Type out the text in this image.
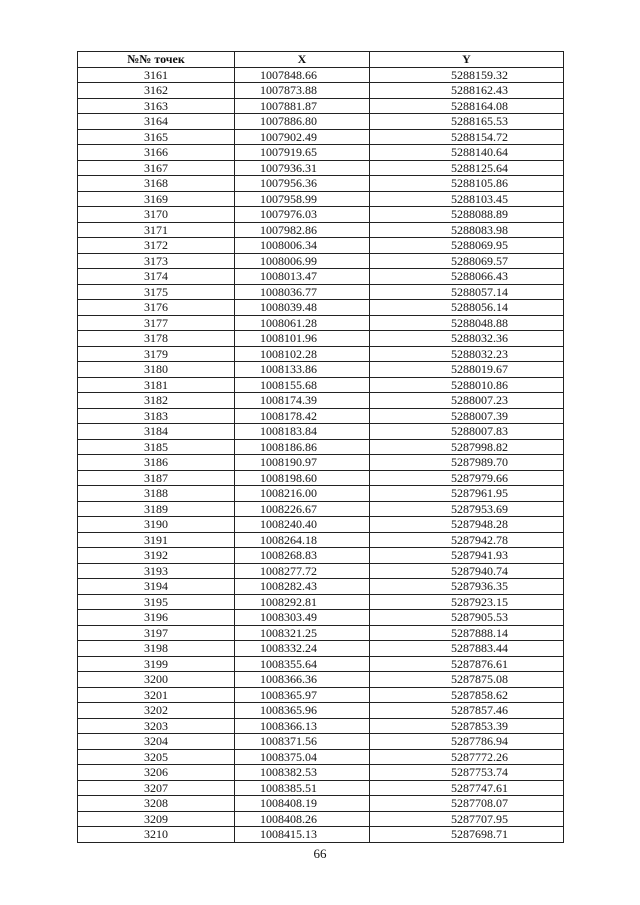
№№ точек	X	Y
3161	1007848.66	5288159.32
3162	1007873.88	5288162.43
3163	1007881.87	5288164.08
3164	1007886.80	5288165.53
3165	1007902.49	5288154.72
3166	1007919.65	5288140.64
3167	1007936.31	5288125.64
3168	1007956.36	5288105.86
3169	1007958.99	5288103.45
3170	1007976.03	5288088.89
3171	1007982.86	5288083.98
3172	1008006.34	5288069.95
3173	1008006.99	5288069.57
3174	1008013.47	5288066.43
3175	1008036.77	5288057.14
3176	1008039.48	5288056.14
3177	1008061.28	5288048.88
3178	1008101.96	5288032.36
3179	1008102.28	5288032.23
3180	1008133.86	5288019.67
3181	1008155.68	5288010.86
3182	1008174.39	5288007.23
3183	1008178.42	5288007.39
3184	1008183.84	5288007.83
3185	1008186.86	5287998.82
3186	1008190.97	5287989.70
3187	1008198.60	5287979.66
3188	1008216.00	5287961.95
3189	1008226.67	5287953.69
3190	1008240.40	5287948.28
3191	1008264.18	5287942.78
3192	1008268.83	5287941.93
3193	1008277.72	5287940.74
3194	1008282.43	5287936.35
3195	1008292.81	5287923.15
3196	1008303.49	5287905.53
3197	1008321.25	5287888.14
3198	1008332.24	5287883.44
3199	1008355.64	5287876.61
3200	1008366.36	5287875.08
3201	1008365.97	5287858.62
3202	1008365.96	5287857.46
3203	1008366.13	5287853.39
3204	1008371.56	5287786.94
3205	1008375.04	5287772.26
3206	1008382.53	5287753.74
3207	1008385.51	5287747.61
3208	1008408.19	5287708.07
3209	1008408.26	5287707.95
3210	1008415.13	5287698.71
66
